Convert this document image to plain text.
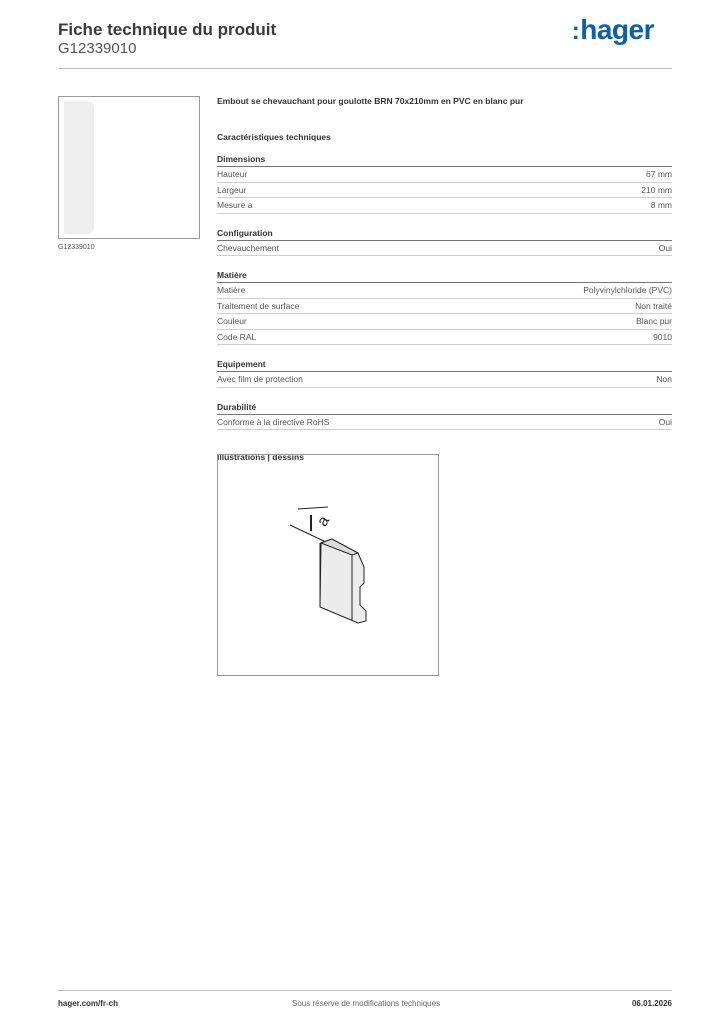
Fiche technique du produit
G12339010
:hager
G12339010
Embout se chevauchant pour goulotte BRN 70x210mm en PVC en blanc pur
Caractéristiques techniques
Dimensions
Hauteur	67 mm
Largeur	210 mm
Mesure a	8 mm
Configuration
Chevauchement	Oui
Matière
Matière	Polyvinylchloride (PVC)
Traitement de surface	Non traité
Couleur	Blanc pur
Code RAL	9010
Equipement
Avec film de protection	Non
Durabilité
Conforme à la directive RoHS	Oui
Illustrations | dessins
a
hager.com/fr-ch	Sous réserve de modifications techniques	06.01.2026
